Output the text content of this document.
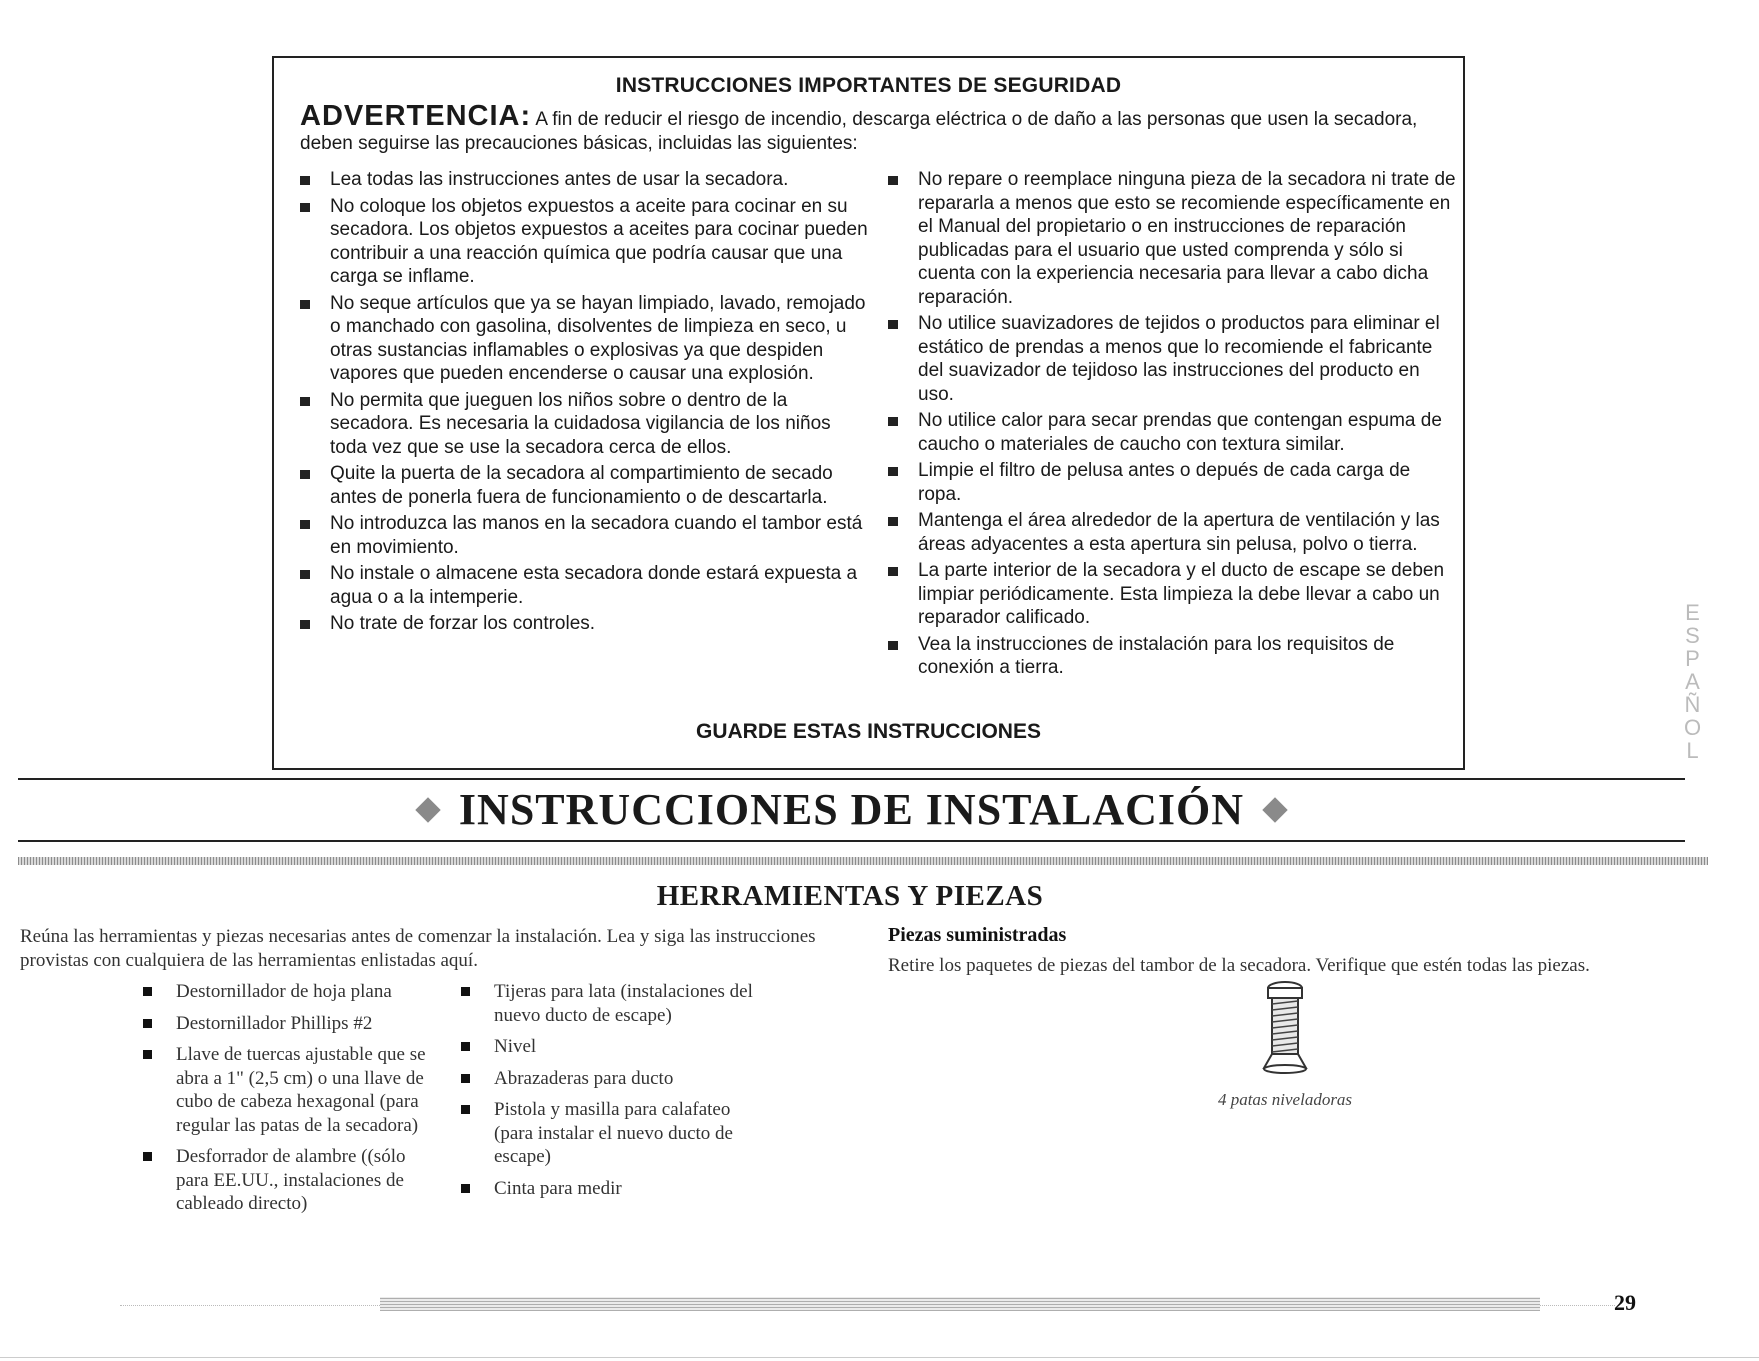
INSTRUCCIONES IMPORTANTES DE SEGURIDAD
ADVERTENCIA: A fin de reducir el riesgo de incendio, descarga eléctrica o de daño a las personas que usen la secadora, deben seguirse las precauciones básicas, incluidas las siguientes:
Lea todas las instrucciones antes de usar la secadora.
No coloque los objetos expuestos a aceite para cocinar en su secadora. Los objetos expuestos a aceites para cocinar pueden contribuir a una reacción química que podría causar que una carga se inflame.
No seque artículos que ya se hayan limpiado, lavado, remojado o manchado con gasolina, disolventes de limpieza en seco, u otras sustancias inflamables o explosivas ya que despiden vapores que pueden encenderse o causar una explosión.
No permita que jueguen los niños sobre o dentro de la secadora. Es necesaria la cuidadosa vigilancia de los niños toda vez que se use la secadora cerca de ellos.
Quite la puerta de la secadora al compartimiento de secado antes de ponerla fuera de funcionamiento o de descartarla.
No introduzca las manos en la secadora cuando el tambor está en movimiento.
No instale o almacene esta secadora donde estará expuesta a agua o a la intemperie.
No trate de forzar los controles.
No repare o reemplace ninguna pieza de la secadora ni trate de repararla a menos que esto se recomiende específicamente en el Manual del propietario o en instrucciones de reparación publicadas para el usuario que usted comprenda y sólo si cuenta con la experiencia necesaria para llevar a cabo dicha reparación.
No utilice suavizadores de tejidos o productos para eliminar el estático de prendas a menos que lo recomiende el fabricante del suavizador de tejidoso las instrucciones del producto en uso.
No utilice calor para secar prendas que contengan espuma de caucho o materiales de caucho con textura similar.
Limpie el filtro de pelusa antes o depués de cada carga de ropa.
Mantenga el área alrededor de la apertura de ventilación y las áreas adyacentes a esta apertura sin pelusa, polvo o tierra.
La parte interior de la secadora y el ducto de escape se deben limpiar periódicamente. Esta limpieza la debe llevar a cabo un reparador calificado.
Vea la instrucciones de instalación para los requisitos de conexión a tierra.
GUARDE ESTAS INSTRUCCIONES
INSTRUCCIONES DE INSTALACIÓN
HERRAMIENTAS Y PIEZAS
Reúna las herramientas y piezas necesarias antes de comenzar la instalación. Lea y siga las instrucciones provistas con cualquiera de las herramientas enlistadas aquí.
Destornillador de hoja plana
Destornillador Phillips #2
Llave de tuercas ajustable que se abra a 1" (2,5 cm) o una llave de cubo de cabeza hexagonal (para regular las patas de la secadora)
Desforrador de alambre ((sólo para EE.UU., instalaciones de cableado directo)
Tijeras para lata (instalaciones del nuevo ducto de escape)
Nivel
Abrazaderas para ducto
Pistola y masilla para calafateo (para instalar el nuevo ducto de escape)
Cinta para medir
Piezas suministradas
Retire los paquetes de piezas del tambor de la secadora. Verifique que estén todas las piezas.
4 patas niveladoras
ESPAÑOL
29
